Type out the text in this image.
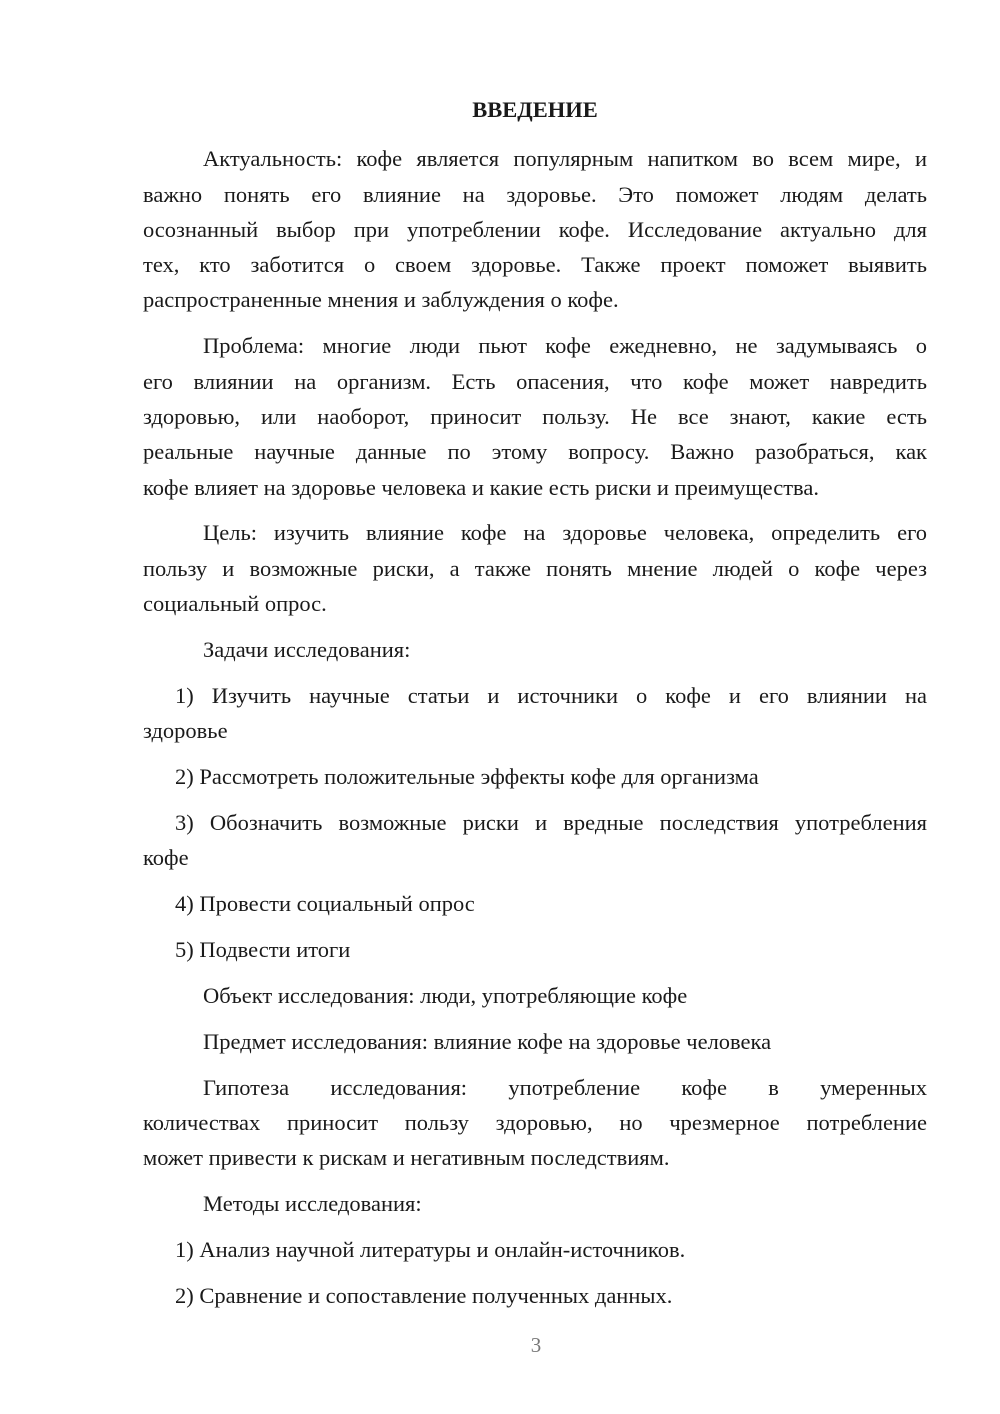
ВВЕДЕНИЕ
Актуальность: кофе является популярным напитком во всем мире, и
важно понять его влияние на здоровье. Это поможет людям делать
осознанный выбор при употреблении кофе. Исследование актуально для
тех, кто заботится о своем здоровье. Также проект поможет выявить
распространенные мнения и заблуждения о кофе.
Проблема: многие люди пьют кофе ежедневно, не задумываясь о
его влиянии на организм. Есть опасения, что кофе может навредить
здоровью, или наоборот, приносит пользу. Не все знают, какие есть
реальные научные данные по этому вопросу. Важно разобраться, как
кофе влияет на здоровье человека и какие есть риски и преимущества.
Цель: изучить влияние кофе на здоровье человека, определить его
пользу и возможные риски, а также понять мнение людей о кофе через
социальный опрос.
Задачи исследования:
1) Изучить научные статьи и источники о кофе и его влиянии на
здоровье
2) Рассмотреть положительные эффекты кофе для организма
3) Обозначить возможные риски и вредные последствия употребления
кофе
4) Провести социальный опрос
5) Подвести итоги
Объект исследования: люди, употребляющие кофе
Предмет исследования: влияние кофе на здоровье человека
Гипотеза исследования: употребление кофе в умеренных
количествах приносит пользу здоровью, но чрезмерное потребление
может привести к рискам и негативным последствиям.
Методы исследования:
1) Анализ научной литературы и онлайн-источников.
2) Сравнение и сопоставление полученных данных.
3
